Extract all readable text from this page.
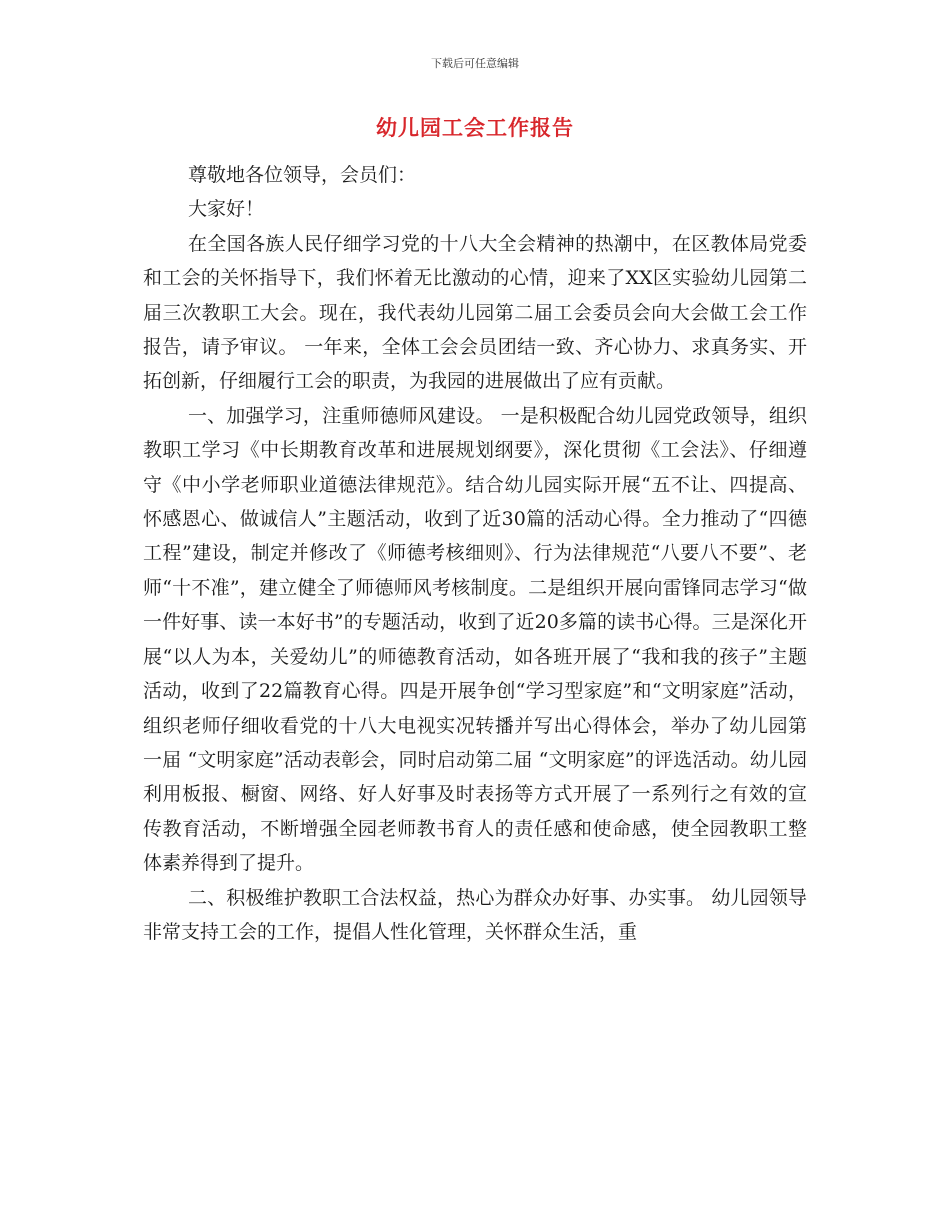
下载后可任意编辑
幼儿园工会工作报告

尊敬地各位领导，会员们：

大家好！

在全国各族人民仔细学习党的十八大全会精神的热潮中，在区教体局党委和工会的关怀指导下，我们怀着无比激动的心情，迎来了XX区实验幼儿园第二届三次教职工大会。现在，我代表幼儿园第二届工会委员会向大会做工会工作报告，请予审议。 一年来，全体工会会员团结一致、齐心协力、求真务实、开拓创新，仔细履行工会的职责，为我园的进展做出了应有贡献。

一、加强学习，注重师德师风建设。 一是积极配合幼儿园党政领导，组织教职工学习《中长期教育改革和进展规划纲要》，深化贯彻《工会法》、仔细遵守《中小学老师职业道德法律规范》。结合幼儿园实际开展“五不让、四提高、怀感恩心、做诚信人”主题活动，收到了近30篇的活动心得。全力推动了“四德工程”建设，制定并修改了《师德考核细则》、行为法律规范“八要八不要”、老师“十不准”，建立健全了师德师风考核制度。二是组织开展向雷锋同志学习“做一件好事、读一本好书”的专题活动，收到了近20多篇的读书心得。三是深化开展“以人为本，关爱幼儿”的师德教育活动，如各班开展了“我和我的孩子”主题活动，收到了22篇教育心得。四是开展争创“学习型家庭”和“文明家庭”活动，组织老师仔细收看党的十八大电视实况转播并写出心得体会，举办了幼儿园第一届 “文明家庭”活动表彰会，同时启动第二届 “文明家庭”的评选活动。幼儿园利用板报、橱窗、网络、好人好事及时表扬等方式开展了一系列行之有效的宣传教育活动，不断增强全园老师教书育人的责任感和使命感，使全园教职工整体素养得到了提升。

二、积极维护教职工合法权益，热心为群众办好事、办实事。 幼儿园领导非常支持工会的工作，提倡人性化管理，关怀群众生活，重
